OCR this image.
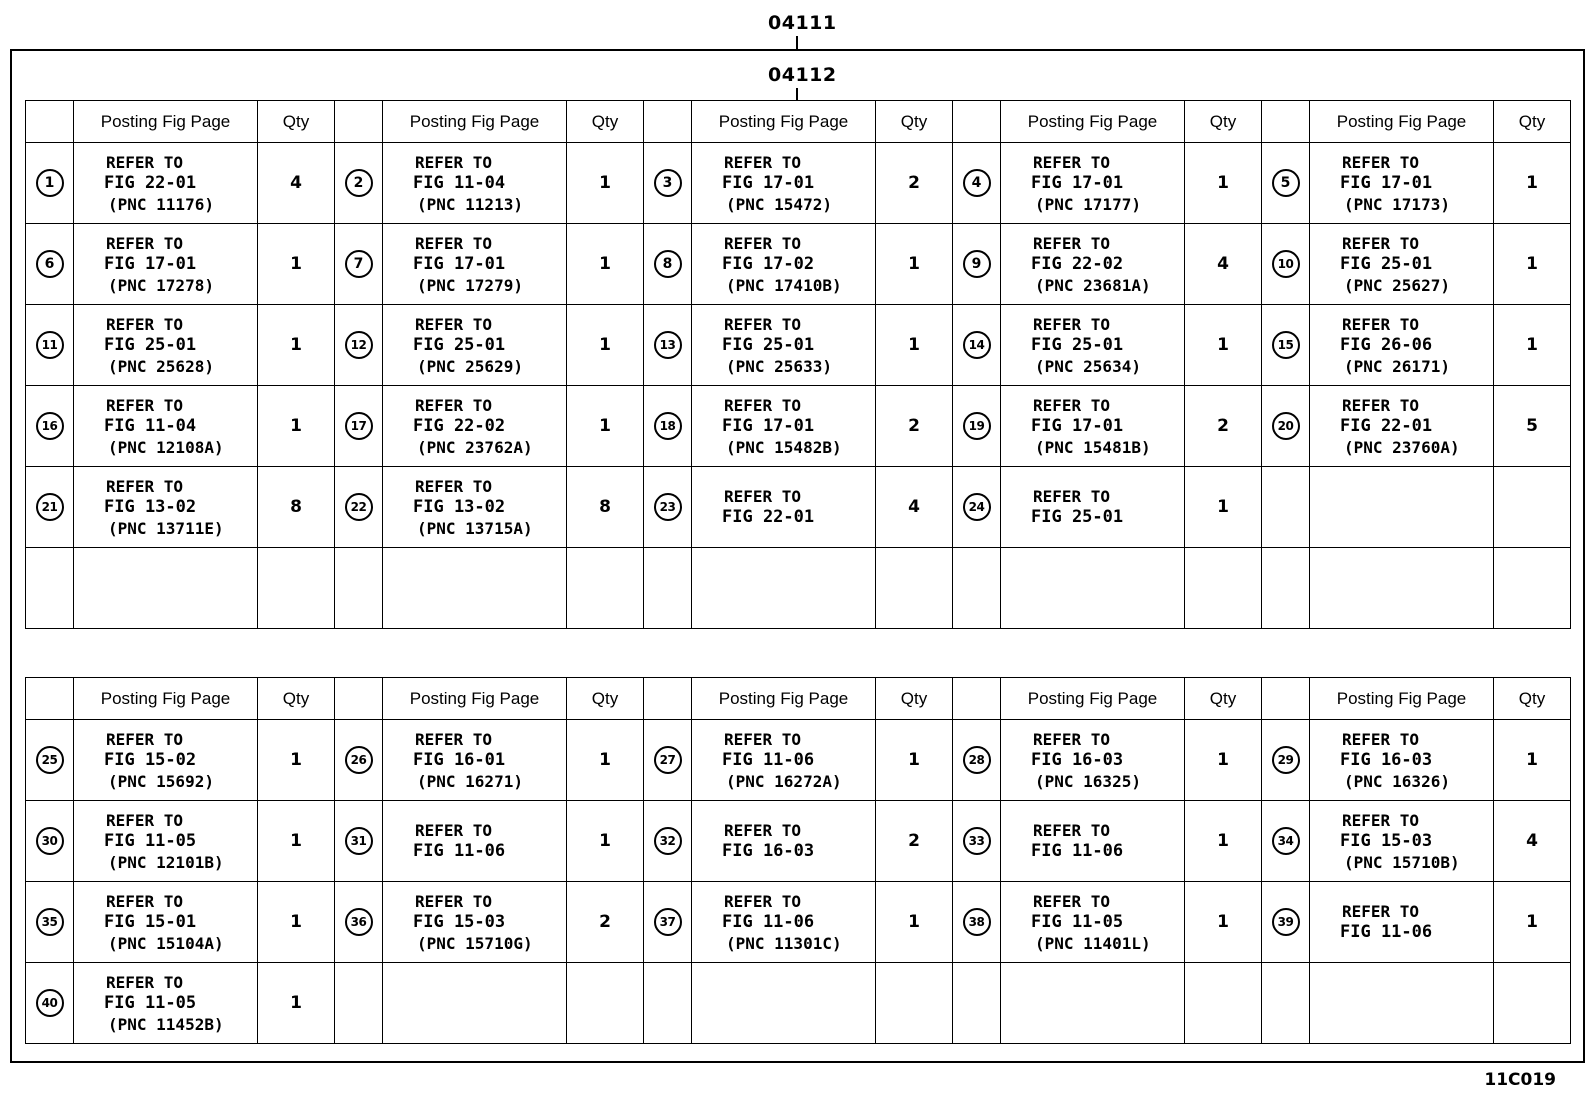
04111
04112
	Posting Fig Page	Qty		Posting Fig Page	Qty		Posting Fig Page	Qty		Posting Fig Page	Qty		Posting Fig Page	Qty
1	REFER TO
FIG 22-01
(PNC 11176)	4	2	REFER TO
FIG 11-04
(PNC 11213)	1	3	REFER TO
FIG 17-01
(PNC 15472)	2	4	REFER TO
FIG 17-01
(PNC 17177)	1	5	REFER TO
FIG 17-01
(PNC 17173)	1
6	REFER TO
FIG 17-01
(PNC 17278)	1	7	REFER TO
FIG 17-01
(PNC 17279)	1	8	REFER TO
FIG 17-02
(PNC 17410B)	1	9	REFER TO
FIG 22-02
(PNC 23681A)	4	10	REFER TO
FIG 25-01
(PNC 25627)	1
11	REFER TO
FIG 25-01
(PNC 25628)	1	12	REFER TO
FIG 25-01
(PNC 25629)	1	13	REFER TO
FIG 25-01
(PNC 25633)	1	14	REFER TO
FIG 25-01
(PNC 25634)	1	15	REFER TO
FIG 26-06
(PNC 26171)	1
16	REFER TO
FIG 11-04
(PNC 12108A)	1	17	REFER TO
FIG 22-02
(PNC 23762A)	1	18	REFER TO
FIG 17-01
(PNC 15482B)	2	19	REFER TO
FIG 17-01
(PNC 15481B)	2	20	REFER TO
FIG 22-01
(PNC 23760A)	5
21	REFER TO
FIG 13-02
(PNC 13711E)	8	22	REFER TO
FIG 13-02
(PNC 13715A)	8	23	REFER TO
FIG 22-01	4	24	REFER TO
FIG 25-01	1			

	Posting Fig Page	Qty		Posting Fig Page	Qty		Posting Fig Page	Qty		Posting Fig Page	Qty		Posting Fig Page	Qty
25	REFER TO
FIG 15-02
(PNC 15692)	1	26	REFER TO
FIG 16-01
(PNC 16271)	1	27	REFER TO
FIG 11-06
(PNC 16272A)	1	28	REFER TO
FIG 16-03
(PNC 16325)	1	29	REFER TO
FIG 16-03
(PNC 16326)	1
30	REFER TO
FIG 11-05
(PNC 12101B)	1	31	REFER TO
FIG 11-06	1	32	REFER TO
FIG 16-03	2	33	REFER TO
FIG 11-06	1	34	REFER TO
FIG 15-03
(PNC 15710B)	4
35	REFER TO
FIG 15-01
(PNC 15104A)	1	36	REFER TO
FIG 15-03
(PNC 15710G)	2	37	REFER TO
FIG 11-06
(PNC 11301C)	1	38	REFER TO
FIG 11-05
(PNC 11401L)	1	39	REFER TO
FIG 11-06	1
40	REFER TO
FIG 11-05
(PNC 11452B)	1												
11C019
